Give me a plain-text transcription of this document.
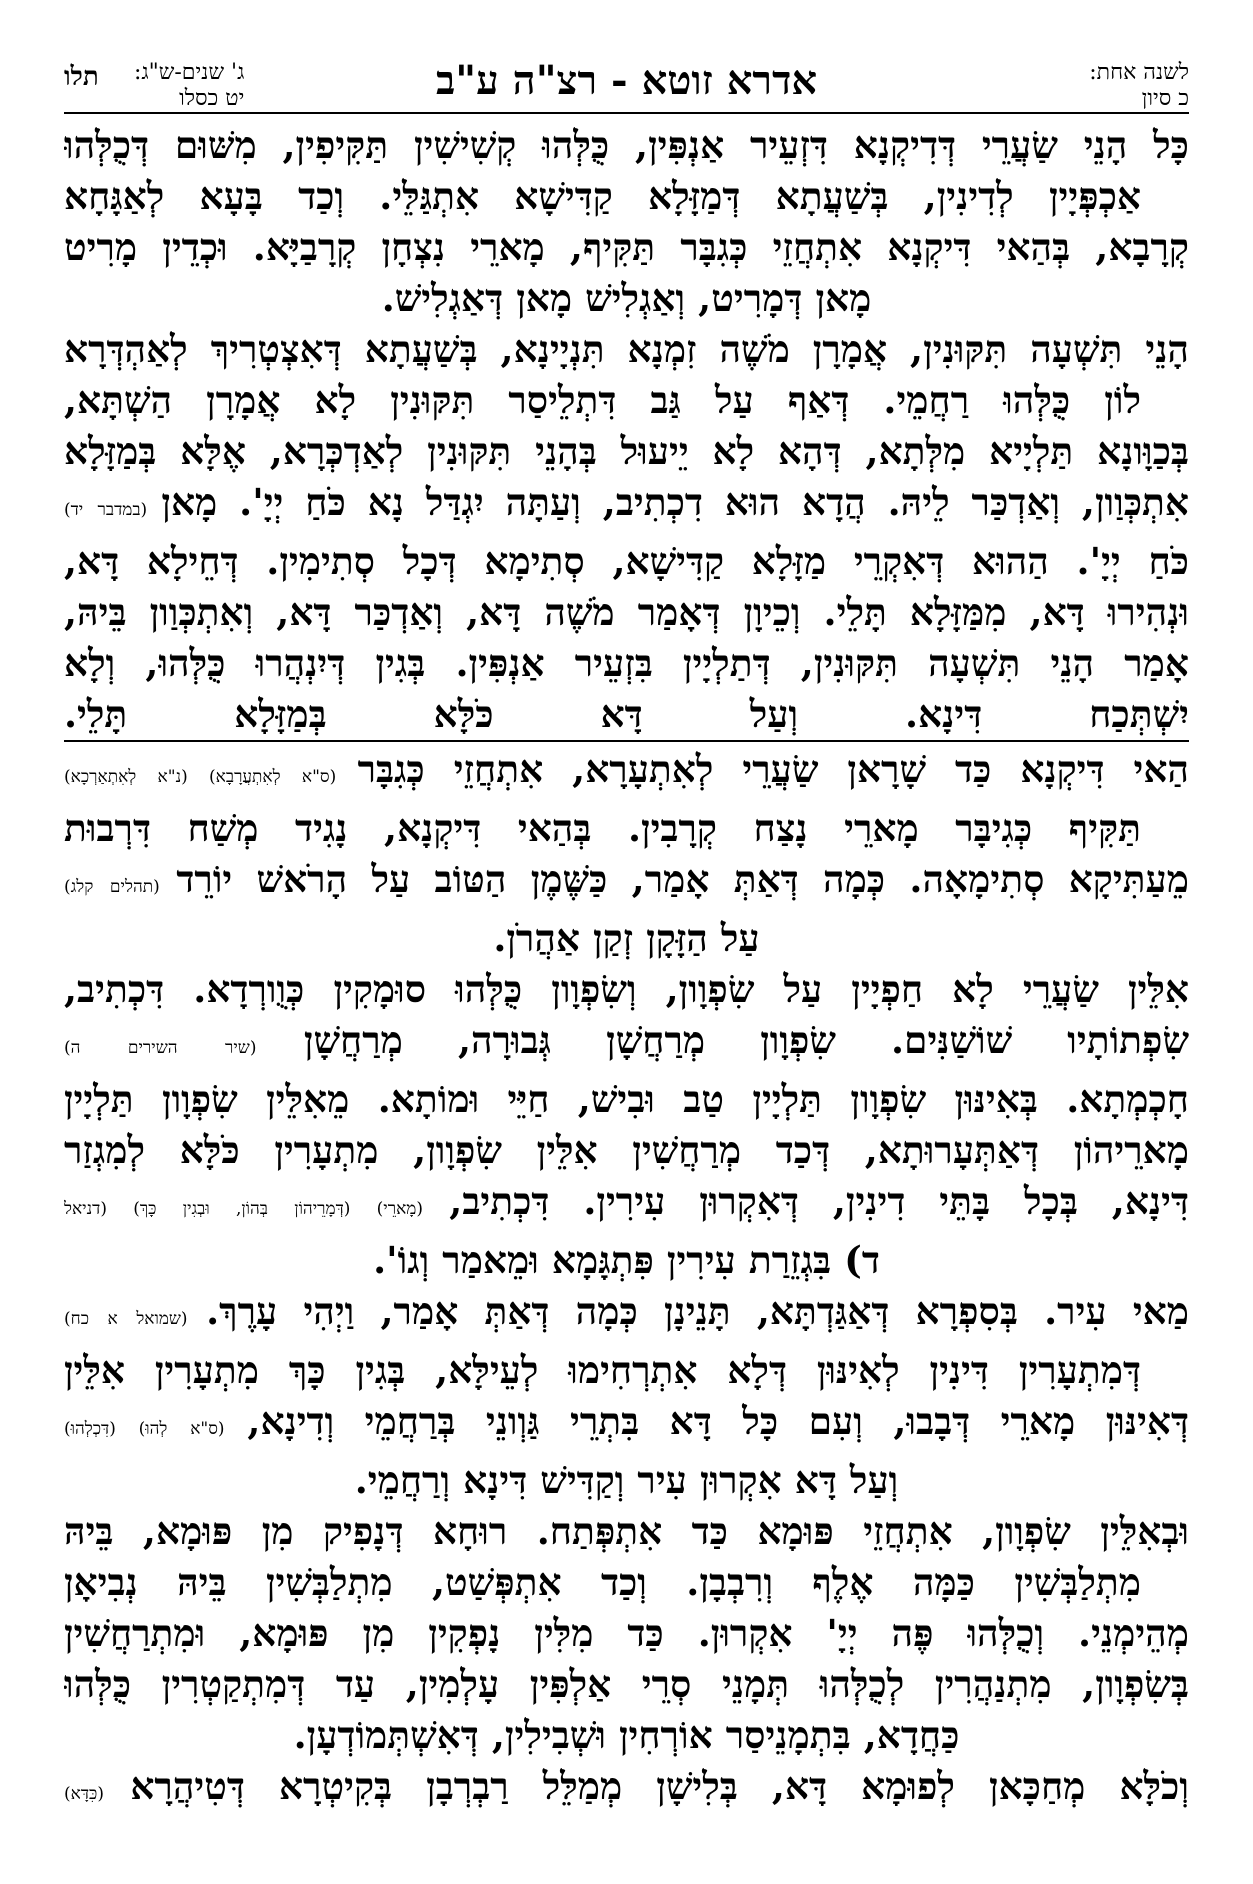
לשנה אחת:
כ סיון
אדרא זוטא - רצ"ה ע"ב
ג' שנים-ש"ג:
יט כסלו
תלו
כָּל הָנֵי שַׂעֲרֵי דְּדִיקְנָא דִּזְעֵיר אַנְפִּין, כֻּלְּהוּ קְשִׁישִׁין תַּקִּיפִין, מִשּׁוּם דְּכֻלְּהוּ
אַכְפְּיָין לְדִינִין, בְּשַׁעֲתָא דְּמַזָּלָא קַדִּישָׁא אִתְגַּלֵּי. וְכַד בָּעָא לְאַגָּחָא
קְרָבָא, בְּהַאי דִּיקְנָא אִתְחֲזֵי כְּגִבָּר תַּקִּיף, מָארֵי נִצְחָן קְרָבַיָּא. וּכְדֵין מָרִיט
מָאן דְּמָרִיט, וְאַגְלִישׁ מָאן דְּאַגְלִישׁ.
הָנֵי תִּשְׁעָה תִּקּוּנִין, אֲמָרָן מֹשֶׁה זִמְנָא תִּנְיָינָא, בְּשַׁעֲתָא דְּאִצְטְרִיךְ לְאַהְדְּרָא
לוֹן כֻּלְּהוּ רַחֲמֵי. דְּאַף עַל גַּב דִּתְלֵיסַר תִּקּוּנִין לָא אֲמָרָן הַשְׁתָּא,
בְּכַוָּונָא תַּלְיָיא מִלְּתָא, דְּהָא לָא יֵיעוּל בְּהָנֵי תִּקּוּנִין לְאַדְכְּרָא, אֶלָּא בְּמַזָּלָא
אִתְכְּוַון, וְאַדְכַּר לֵיהּ. הֲדָא הוּא דִכְתִיב, וְעַתָּה יִגְדַּל נָא כֹּחַ יְיָ'. מָאן (במדבר יד)
כֹּחַ יְיָ'. הַהוּא דְּאִקְרֵי מַזָּלָא קַדִּישָׁא, סְתִימָא דְּכָל סְתִימִין. דְּחֵילָא דָּא,
וּנְהִירוּ דָּא, מִמַּזָּלָא תָּלֵי. וְכֵיוָן דְּאָמַר מֹשֶׁה דָּא, וְאַדְכַּר דָּא, וְאִתְכְּוַון בֵּיהּ,
אָמַר הָנֵי תִּשְׁעָה תִּקּוּנִין, דְּתַלְיָין בִּזְעֵיר אַנְפִּין. בְּגִין דְּיִנְהֲרוּ כֻּלְּהוּ, וְלָא
יִשְׁתְּכַח דִּינָא. וְעַל דָּא כֹּלָּא בְּמַזָּלָא תָּלֵי.
הַאי דִּיקְנָא כַּד שָׁרָאן שַׂעֲרֵי לְאִתְעָרָא, אִתְחֲזֵי כְּגִבָּר (ס"א לְאִתְעֲרָבָא) (נ"א לְאִתְאַרְכָא)
תַּקִּיף כְּגִיבָּר מָארֵי נָצַח קְרָבִין. בְּהַאי דִּיקְנָא, נָגִיד מְשַׁח דִּרְבוּת
מֵעַתִּיקָא סְתִימָאָה. כְּמָה דְּאַתְּ אָמַר, כַּשֶּׁמֶן הַטּוֹב עַל הָרֹאשׁ יוֹרֵד (תהלים קלג)
עַל הַזָּקָן זְקַן אַהֲרֹן.
אִלֵּין שַׂעֲרֵי לָא חַפְיָין עַל שִׂפְוָון, וְשִׂפְוָון כֻּלְּהוּ סוּמָקִין כְּוֻורְדָא. דִּכְתִיב,
שִׂפְתוֹתָיו שׁוֹשַׁנִּים. שִׂפְוָון מְרַחֲשָׁן גְּבוּרָה, מְרַחֲשָׁן (שיר השירים ה)
חָכְמְתָא. בְּאִינּוּן שִׂפְוָון תַּלְיָין טַב וּבִישׁ, חַיֵּי וּמוֹתָא. מֵאִלֵּין שִׂפְוָון תַּלְיָין
מָארֵיהוֹן דְּאַתְּעָרוּתָא, דְּכַד מְרַחֲשִׁין אִלֵּין שִׂפְוָון, מִתְעָרִין כֹּלָּא לְמִגְזַר
דִּינָא, בְּכָל בָּתֵּי דִינִין, דְּאִקְרוּן עִירִין. דִּכְתִיב, (מָארֵי) (דְּמָרֵיהוֹן בְּהוֹן, וּבְגִין כָּךְ) (דניאל
ד) בִּגְזֵרַת עִירִין פִּתְגָּמָא וּמֵאמַר וְגוֹ'.
מַאי עִיר. בְּסִפְרָא דְּאַגַּדְתָּא, תָּנֵינָן כְּמָה דְּאַתְּ אָמַר, וַיְהִי עָרֶךְ. (שמואל א כח)
דְּמִתְעָרִין דִּינִין לְאִינּוּן דְּלָא אִתְרְחִימוּ לְעֵילָּא, בְּגִין כָּךְ מִתְעָרִין אִלֵּין
דְּאִינּוּן מָארֵי דְּבָבוּ, וְעִם כָּל דָּא בִּתְרֵי גַּוְונֵי בְּרַחֲמֵי וְדִינָא, (ס"א לְהוּ) (דִּכְלְהוּ)
וְעַל דָּא אִקְרוּן עִיר וְקַדִּישׁ דִּינָא וְרַחֲמֵי.
וּבְאִלֵּין שִׂפְוָון, אִתְחֲזֵי פּוּמָא כַּד אִתְפְּתַח. רוּחָא דְּנָפִיק מִן פּוּמָא, בֵּיהּ
מִתְלַבְּשִׁין כַּמָּה אֶלֶף וְרִבְבָן. וְכַד אִתְפְּשַׁט, מִתְלַבְּשִׁין בֵּיהּ נְבִיאָן
מְהֵימְנֵי. וְכֻלְּהוּ פֶּה יְיָ' אִקְרוּן. כַּד מִלִּין נָפְקִין מִן פּוּמָא, וּמִתְרַחֲשִׁין
בְּשִׂפְוָון, מִתְנַהֲרִין לְכֻלְּהוּ תְּמָנֵי סְרֵי אַלְפִּין עָלְמִין, עַד דְּמִתְקַטְרִין כֻּלְּהוּ
כַּחֲדָא, בִּתְמָנֵיסַר אוֹרְחִין וּשְׁבִילִין, דְּאִשְׁתְּמוֹדְעָן.
וְכֹלָּא מְחַכָּאן לְפוּמָא דָּא, בְּלִישָׁן מְמַלֵּל רַבְרְבָן בְּקִיטְרָא דְּטִיהֲרָא (כִּדָּא)
